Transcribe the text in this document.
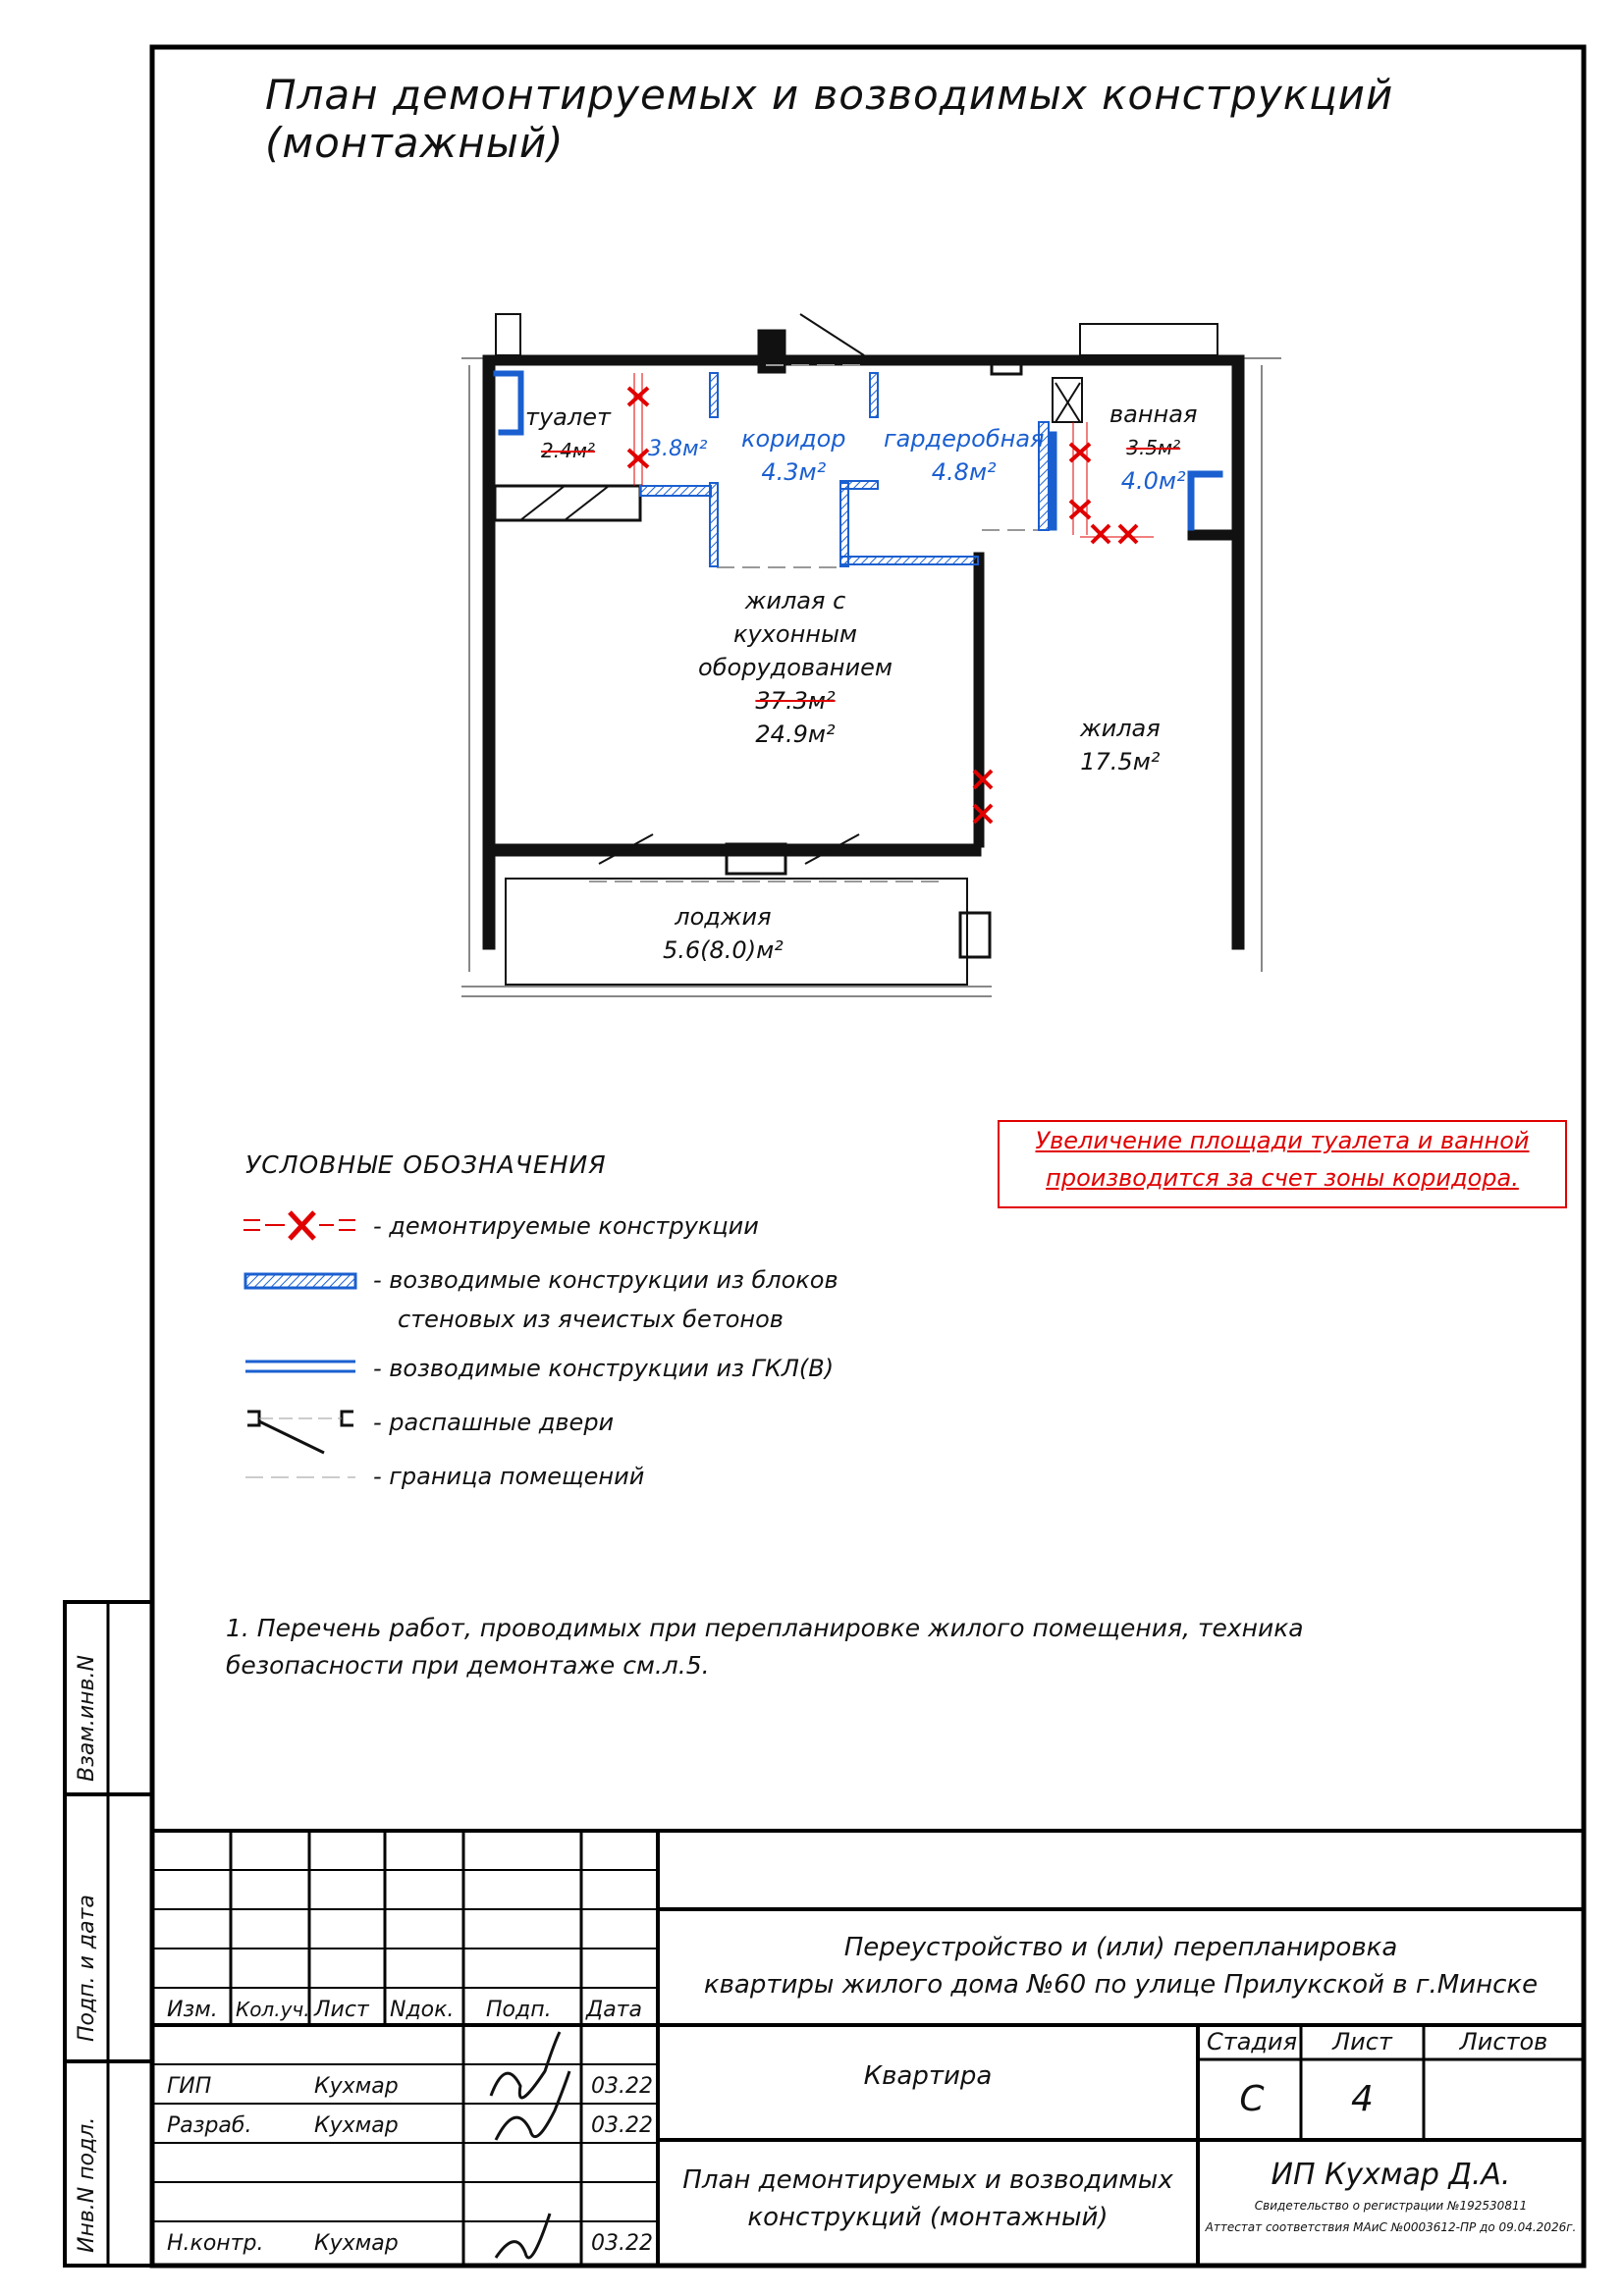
План демонтируемых и возводимых конструкций (монтажный)
туалет
2.4м²	3.8м² коридор
4.3м²
гардеробная
4.8м²
ванная
3.5м²
4.0м²
жилая с кухонным
оборудованием
37.3м²
24.9м²	жилая
17.5м²
лоджия
5.6(8.0)м²
Увеличение площади туалета и ванной
производится за счет зоны коридора.
УСЛОВНЫЕ ОБОЗНАЧЕНИЯ
- демонтируемые конструкции
- возводимые конструкции из блоков
стеновых из ячеистых бетонов
- возводимые конструкции из ГКЛ(В)
- распашные двери
- граница помещений
1. Перечень работ, проводимых при перепланировке жилого помещения, техника безопасности при демонтаже см.л.5.
Взам.инв.N
Подп. и дата
Инв.N подл.
Изм. Кол.уч. Лист Nдок. Подп. Дата
ГИП	Кухмар	03.22
Разраб.	Кухмар	03.22
Н.контр. Кухмар	03.22
Переустройство и (или) перепланировка
квартиры жилого дома №60 по улице Прилукской в г.Минске
Квартира
План демонтируемых и возводимых
конструкций (монтажный)
Стадия	Лист	Листов
С	4
ИП Кухмар Д.А.
Свидетельство о регистрации №192530811
Аттестат соответствия МАиС №0003612-ПР до 09.04.2026г.
